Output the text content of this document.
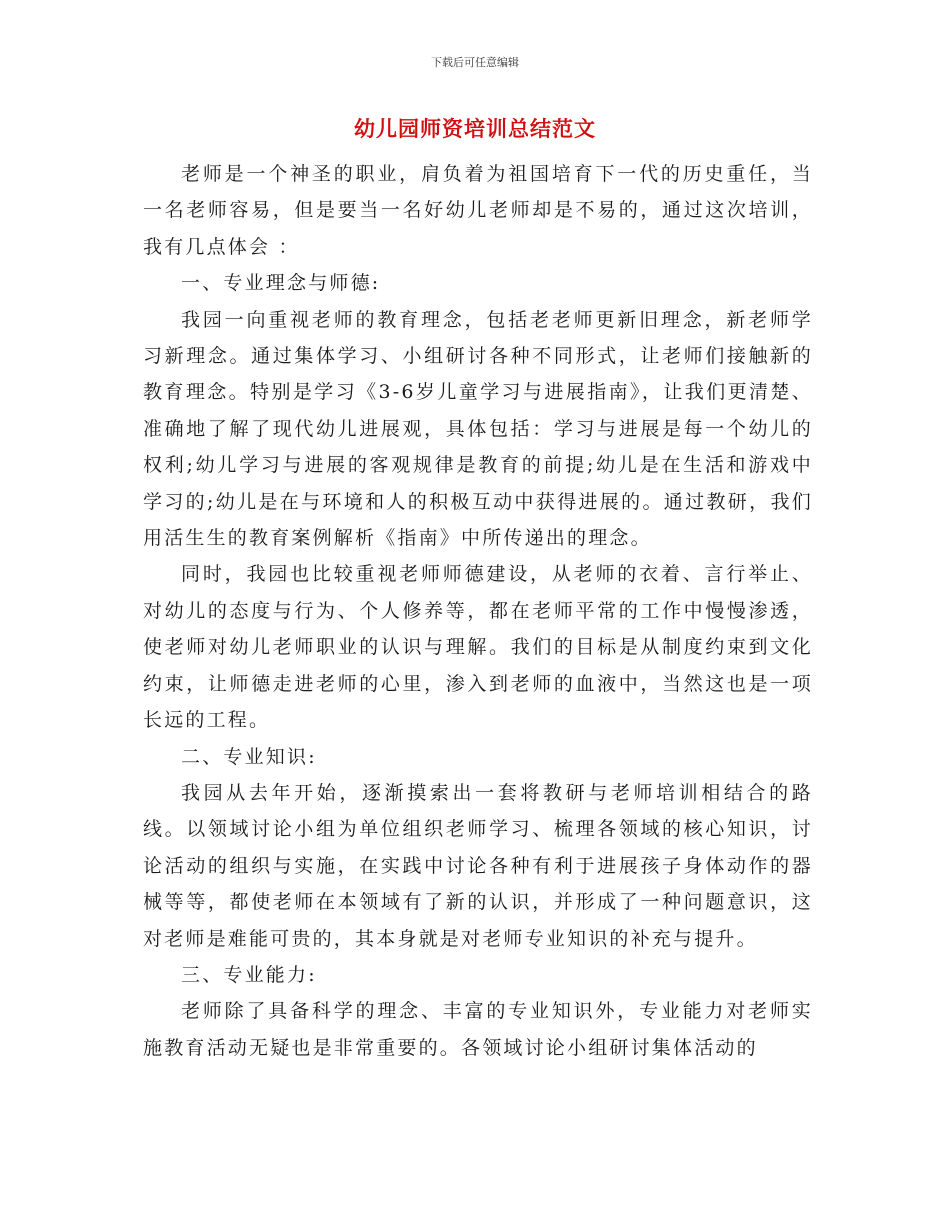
下载后可任意编辑
幼儿园师资培训总结范文

老师是一个神圣的职业，肩负着为祖国培育下一代的历史重任，当一名老师容易，但是要当一名好幼儿老师却是不易的，通过这次培训，我有几点体会 ：

一、专业理念与师德:

我园一向重视老师的教育理念，包括老老师更新旧理念，新老师学习新理念。通过集体学习、小组研讨各种不同形式，让老师们接触新的教育理念。特别是学习《3-6岁儿童学习与进展指南》，让我们更清楚、准确地了解了现代幼儿进展观，具体包括：学习与进展是每一个幼儿的权利;幼儿学习与进展的客观规律是教育的前提;幼儿是在生活和游戏中学习的;幼儿是在与环境和人的积极互动中获得进展的。通过教研，我们用活生生的教育案例解析《指南》中所传递出的理念。

同时，我园也比较重视老师师德建设，从老师的衣着、言行举止、对幼儿的态度与行为、个人修养等，都在老师平常的工作中慢慢渗透，使老师对幼儿老师职业的认识与理解。我们的目标是从制度约束到文化约束，让师德走进老师的心里，渗入到老师的血液中，当然这也是一项长远的工程。

二、专业知识:

我园从去年开始，逐渐摸索出一套将教研与老师培训相结合的路线。以领域讨论小组为单位组织老师学习、梳理各领域的核心知识，讨论活动的组织与实施，在实践中讨论各种有利于进展孩子身体动作的器械等等，都使老师在本领域有了新的认识，并形成了一种问题意识，这对老师是难能可贵的，其本身就是对老师专业知识的补充与提升。

三、专业能力:

老师除了具备科学的理念、丰富的专业知识外，专业能力对老师实施教育活动无疑也是非常重要的。各领域讨论小组研讨集体活动的
